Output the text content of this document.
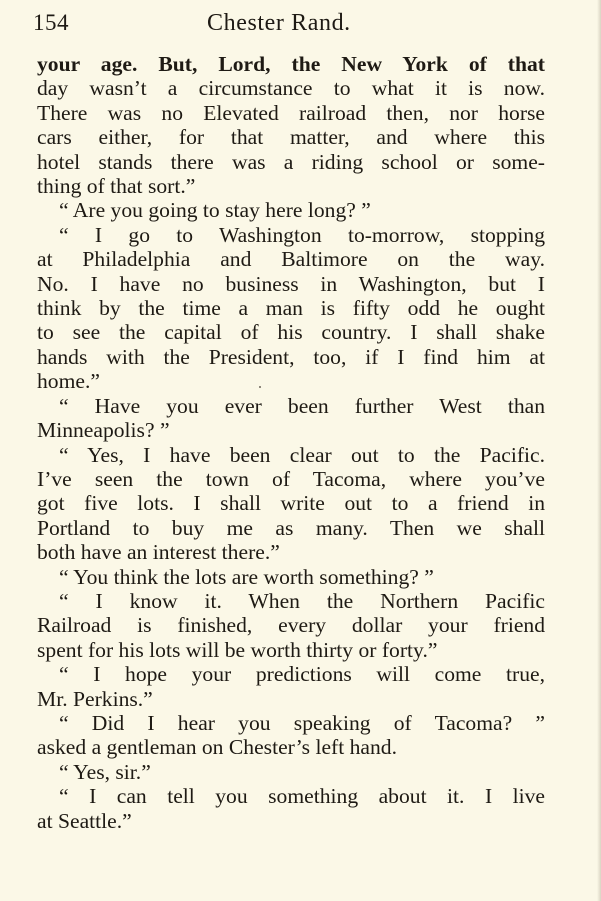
154	Chester Rand.
your age. But, Lord, the New York of that
day wasn’t a circumstance to what it is now.
There was no Elevated railroad then, nor horse
cars either, for that matter, and where this
hotel stands there was a riding school or some-
thing of that sort.”
“ Are you going to stay here long? ”
“ I go to Washington to-morrow, stopping
at Philadelphia and Baltimore on the way.
No. I have no business in Washington, but I
think by the time a man is fifty odd he ought
to see the capital of his country. I shall shake
hands with the President, too, if I find him at
home.”
“ Have you ever been further West than
Minneapolis? ”
“ Yes, I have been clear out to the Pacific.
I’ve seen the town of Tacoma, where you’ve
got five lots. I shall write out to a friend in
Portland to buy me as many. Then we shall
both have an interest there.”
“ You think the lots are worth something? ”
“ I know it. When the Northern Pacific
Railroad is finished, every dollar your friend
spent for his lots will be worth thirty or forty.”
“ I hope your predictions will come true,
Mr. Perkins.”
“ Did I hear you speaking of Tacoma? ”
asked a gentleman on Chester’s left hand.
“ Yes, sir.”
“ I can tell you something about it. I live
at Seattle.”
